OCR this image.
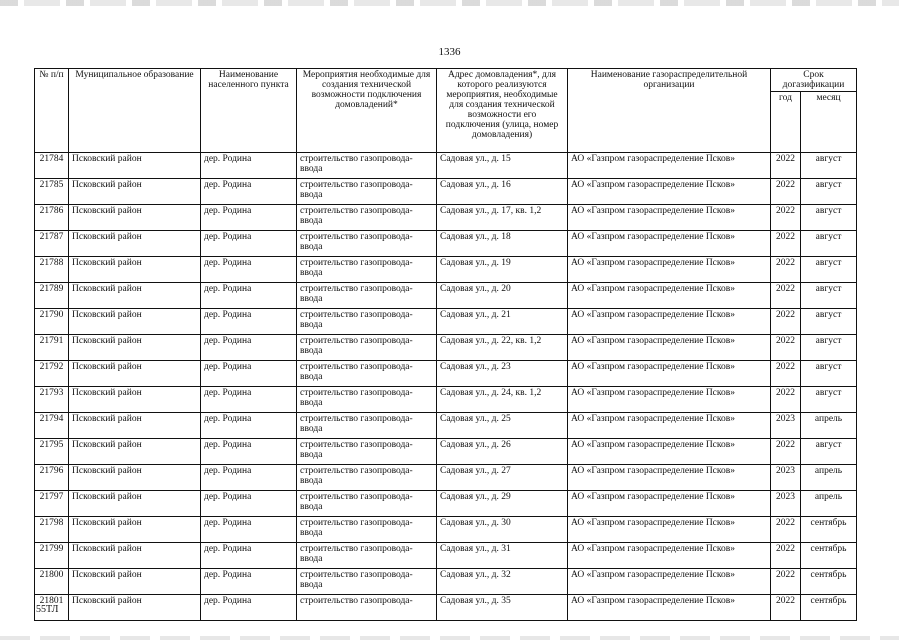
1336
№ п/п	Муниципальное образование	Наименование населенного пункта	Мероприятия необходимые для создания технической возможности подключения домовладений*	Адрес домовладения*, для которого реализуются мероприятия, необходимые для создания технической возможности его подключения (улица, номер домовладения)	Наименование газораспределительной организации	Срок догазификации	
						год	месяц
21784	Псковский район	дер. Родина	строительство газопровода-ввода	Садовая ул., д. 15	АО «Газпром газораспределение Псков»	2022	август
21785	Псковский район	дер. Родина	строительство газопровода-ввода	Садовая ул., д. 16	АО «Газпром газораспределение Псков»	2022	август
21786	Псковский район	дер. Родина	строительство газопровода-ввода	Садовая ул., д. 17, кв. 1,2	АО «Газпром газораспределение Псков»	2022	август
21787	Псковский район	дер. Родина	строительство газопровода-ввода	Садовая ул., д. 18	АО «Газпром газораспределение Псков»	2022	август
21788	Псковский район	дер. Родина	строительство газопровода-ввода	Садовая ул., д. 19	АО «Газпром газораспределение Псков»	2022	август
21789	Псковский район	дер. Родина	строительство газопровода-ввода	Садовая ул., д. 20	АО «Газпром газораспределение Псков»	2022	август
21790	Псковский район	дер. Родина	строительство газопровода-ввода	Садовая ул., д. 21	АО «Газпром газораспределение Псков»	2022	август
21791	Псковский район	дер. Родина	строительство газопровода-ввода	Садовая ул., д. 22, кв. 1,2	АО «Газпром газораспределение Псков»	2022	август
21792	Псковский район	дер. Родина	строительство газопровода-ввода	Садовая ул., д. 23	АО «Газпром газораспределение Псков»	2022	август
21793	Псковский район	дер. Родина	строительство газопровода-ввода	Садовая ул., д. 24, кв. 1,2	АО «Газпром газораспределение Псков»	2022	август
21794	Псковский район	дер. Родина	строительство газопровода-ввода	Садовая ул., д. 25	АО «Газпром газораспределение Псков»	2023	апрель
21795	Псковский район	дер. Родина	строительство газопровода-ввода	Садовая ул., д. 26	АО «Газпром газораспределение Псков»	2022	август
21796	Псковский район	дер. Родина	строительство газопровода-ввода	Садовая ул., д. 27	АО «Газпром газораспределение Псков»	2023	апрель
21797	Псковский район	дер. Родина	строительство газопровода-ввода	Садовая ул., д. 29	АО «Газпром газораспределение Псков»	2023	апрель
21798	Псковский район	дер. Родина	строительство газопровода-ввода	Садовая ул., д. 30	АО «Газпром газораспределение Псков»	2022	сентябрь
21799	Псковский район	дер. Родина	строительство газопровода-ввода	Садовая ул., д. 31	АО «Газпром газораспределение Псков»	2022	сентябрь
21800	Псковский район	дер. Родина	строительство газопровода-ввода	Садовая ул., д. 32	АО «Газпром газораспределение Псков»	2022	сентябрь
21801	Псковский район	дер. Родина	строительство газопровода-	Садовая ул., д. 35	АО «Газпром газораспределение Псков»	2022	сентябрь
55ТЛ
